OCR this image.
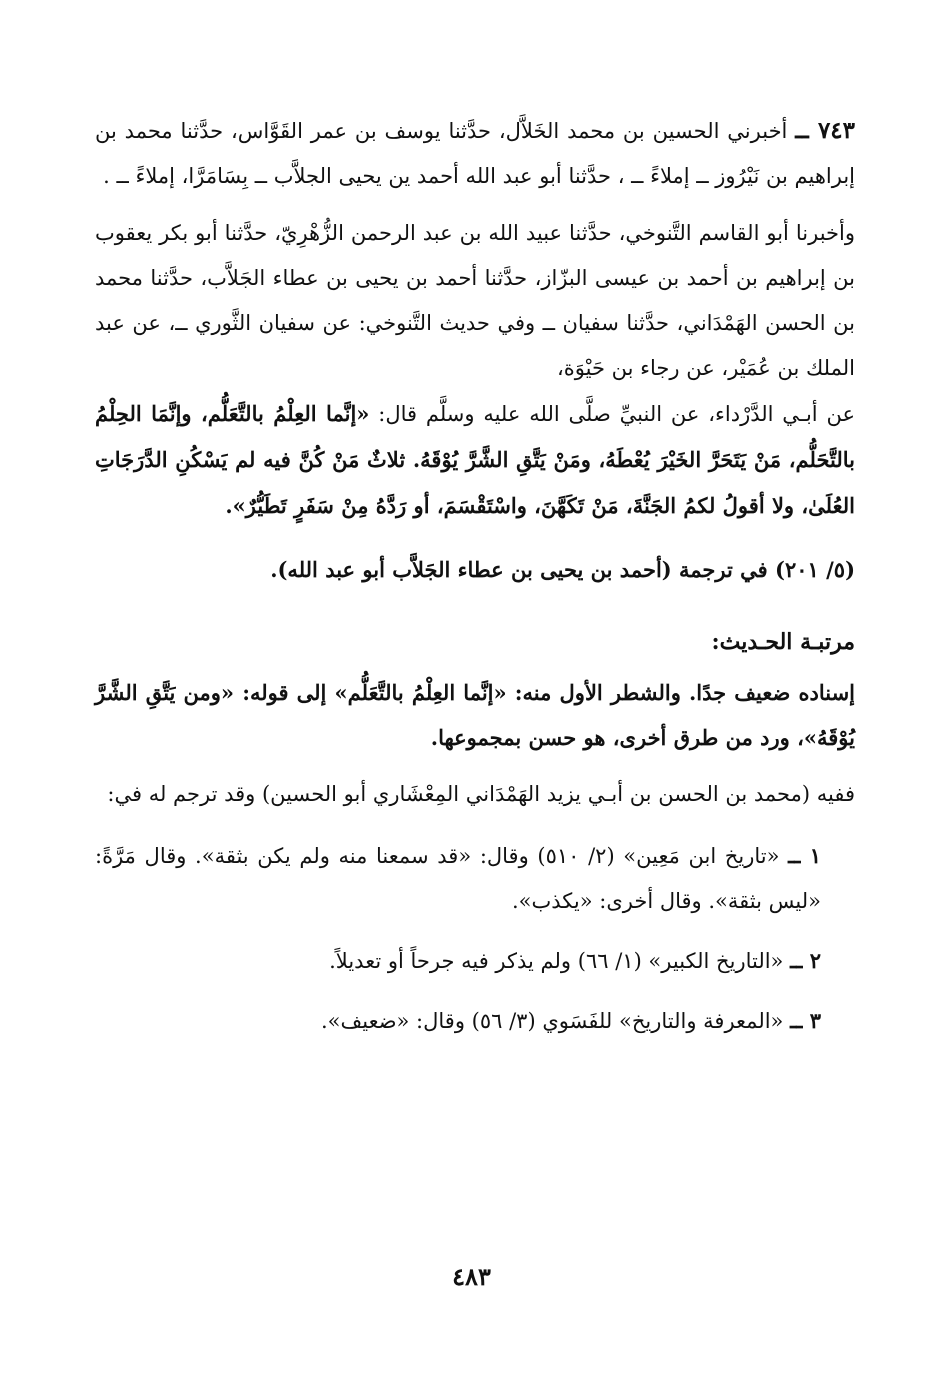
٧٤٣ ــ أخبرني الحسين بن محمد الخَلاَّل، حدَّثنا يوسف بن عمر القَوَّاس، حدَّثنا محمد بن إبراهيم بن نَيْرُوز ــ إملاءً ــ ، حدَّثنا أبو عبد الله أحمد ين يحيى الجلاَّب ــ بِسَامَرَّا، إملاءً ــ .

وأخبرنا أبو القاسم التَّنوخي، حدَّثنا عبيد الله بن عبد الرحمن الزُّهْرِيّ، حدَّثنا أبو بكر يعقوب بن إبراهيم بن أحمد بن عيسى البزّاز، حدَّثنا أحمد بن يحيى بن عطاء الجَلاَّب، حدَّثنا محمد بن الحسن الهَمْدَاني، حدَّثنا سفيان ــ وفي حديث التَّنوخي: عن سفيان الثَّوري ــ، عن عبد الملك بن عُمَيْر، عن رجاء بن حَيْوَة،

عن أبـي الدَّرْداء، عن النبيِّ صلَّى الله عليه وسلَّم قال: «إنَّما العِلْمُ بالتَّعَلُّم، وإنَّمَا الحِلْمُ بالتَّحَلُّم، مَنْ يَتَحَرَّ الخَيْرَ يُعْطَهُ، ومَنْ يَتَّقِ الشَّرَّ يُوْقَهُ. ثلاثٌ مَنْ كُنَّ فيه لم يَسْكُنِ الدَّرَجَاتِ العُلَىٰ، ولا أقولُ لكمُ الجَنَّةَ، مَنْ تَكَهَّنَ، واسْتَقْسَمَ، أو رَدَّهُ مِنْ سَفَرٍ تَطَيُّرٌ».

(٥/ ٢٠١) في ترجمة (أحمد بن يحيى بن عطاء الجَلاَّب أبو عبد الله).

مرتبـة الحـديث:

إسناده ضعيف جدًا. والشطر الأول منه: «إنَّما العِلْمُ بالتَّعَلُّم» إلى قوله: «ومن يَتَّقِ الشَّرَّ يُوْقَهُ»، ورد من طرق أخرى، هو حسن بمجموعها.

ففيه (محمد بن الحسن بن أبـي يزيد الهَمْدَاني المِعْشَاري أبو الحسين) وقد ترجم له في:

١ ــ «تاريخ ابن مَعِين» (٢/ ٥١٠) وقال: «قد سمعنا منه ولم يكن بثقة». وقال مَرَّةً: «ليس بثقة». وقال أخرى: «يكذب».

٢ ــ «التاريخ الكبير» (١/ ٦٦) ولم يذكر فيه جرحاً أو تعديلاً.

٣ ــ «المعرفة والتاريخ» للفَسَوي (٣/ ٥٦) وقال: «ضعيف».

٤٨٣
